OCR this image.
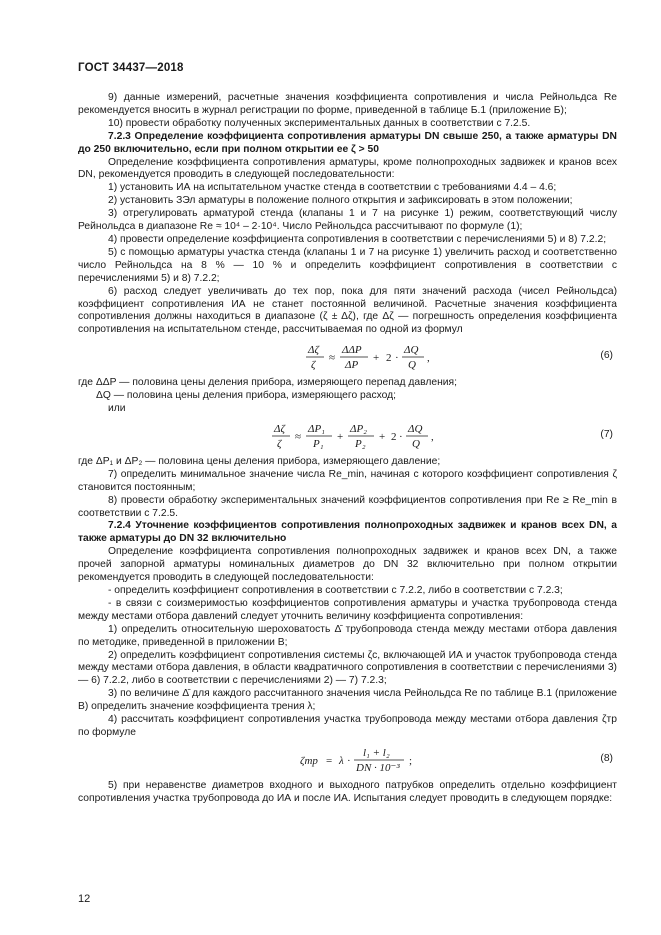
ГОСТ 34437—2018

9) данные измерений, расчетные значения коэффициента сопротивления и числа Рейнольдса Re рекомендуется вносить в журнал регистрации по форме, приведенной в таблице Б.1 (приложение Б);

10) провести обработку полученных экспериментальных данных в соответствии с 7.2.5.

7.2.3 Определение коэффициента сопротивления арматуры DN свыше 250, а также арматуры DN до 250 включительно, если при полном открытии ее ζ > 50

Определение коэффициента сопротивления арматуры, кроме полнопроходных задвижек и кранов всех DN, рекомендуется проводить в следующей последовательности:

1) установить ИА на испытательном участке стенда в соответствии с требованиями 4.4 – 4.6;

2) установить ЗЭл арматуры в положение полного открытия и зафиксировать в этом положении;

3) отрегулировать арматурой стенда (клапаны 1 и 7 на рисунке 1) режим, соответствующий числу Рейнольдса в диапазоне Re ≈ 10⁴ – 2·10⁴. Число Рейнольдса рассчитывают по формуле (1);

4) провести определение коэффициента сопротивления в соответствии с перечислениями 5) и 8) 7.2.2;

5) с помощью арматуры участка стенда (клапаны 1 и 7 на рисунке 1) увеличить расход и соответственно число Рейнольдса на 8 % — 10 % и определить коэффициент сопротивления в соответствии с перечислениями 5) и 8) 7.2.2;

6) расход следует увеличивать до тех пор, пока для пяти значений расхода (чисел Рейнольдса) коэффициент сопротивления ИА не станет постоянной величиной. Расчетные значения коэффициента сопротивления должны находиться в диапазоне (ζ ± Δζ), где Δζ — погрешность определения коэффициента сопротивления на испытательном стенде, рассчитываемая по одной из формул

Δζ
ζ
≈
ΔΔP
ΔP
+ 2 ·
ΔQ
Q
,	(6)

где ΔΔP — половина цены деления прибора, измеряющего перепад давления;

ΔQ — половина цены деления прибора, измеряющего расход;

или

Δζ
ζ
≈
ΔP₁
P₁
+
ΔP₂
P₂
+ 2 ·
ΔQ
Q
,	(7)

где ΔP₁ и ΔP₂ — половина цены деления прибора, измеряющего давление;

7) определить минимальное значение числа Re_min, начиная с которого коэффициент сопротивления ζ становится постоянным;

8) провести обработку экспериментальных значений коэффициентов сопротивления при Re ≥ Re_min в соответствии с 7.2.5.

7.2.4 Уточнение коэффициентов сопротивления полнопроходных задвижек и кранов всех DN, а также арматуры до DN 32 включительно

Определение коэффициента сопротивления полнопроходных задвижек и кранов всех DN, а также прочей запорной арматуры номинальных диаметров до DN 32 включительно при полном открытии рекомендуется проводить в следующей последовательности:

- определить коэффициент сопротивления в соответствии с 7.2.2, либо в соответствии с 7.2.3;

- в связи с соизмеримостью коэффициентов сопротивления арматуры и участка трубопровода стенда между местами отбора давлений следует уточнить величину коэффициента сопротивления:

1) определить относительную шероховатость Δ̄ трубопровода стенда между местами отбора давления по методике, приведенной в приложении В;

2) определить коэффициент сопротивления системы ζс, включающей ИА и участок трубопровода стенда между местами отбора давления, в области квадратичного сопротивления в соответствии с перечислениями 3) — 6) 7.2.2, либо в соответствии с перечислениями 2) — 7) 7.2.3;

3) по величине Δ̄ для каждого рассчитанного значения числа Рейнольдса Re по таблице В.1 (приложение В) определить значение коэффициента трения λ;

4) рассчитать коэффициент сопротивления участка трубопровода между местами отбора давления ζтр по формуле

ζтр = λ ·
l₁ + l₂
DN · 10⁻³
;	(8)

5) при неравенстве диаметров входного и выходного патрубков определить отдельно коэффициент сопротивления участка трубопровода до ИА и после ИА. Испытания следует проводить в следующем порядке:

12
